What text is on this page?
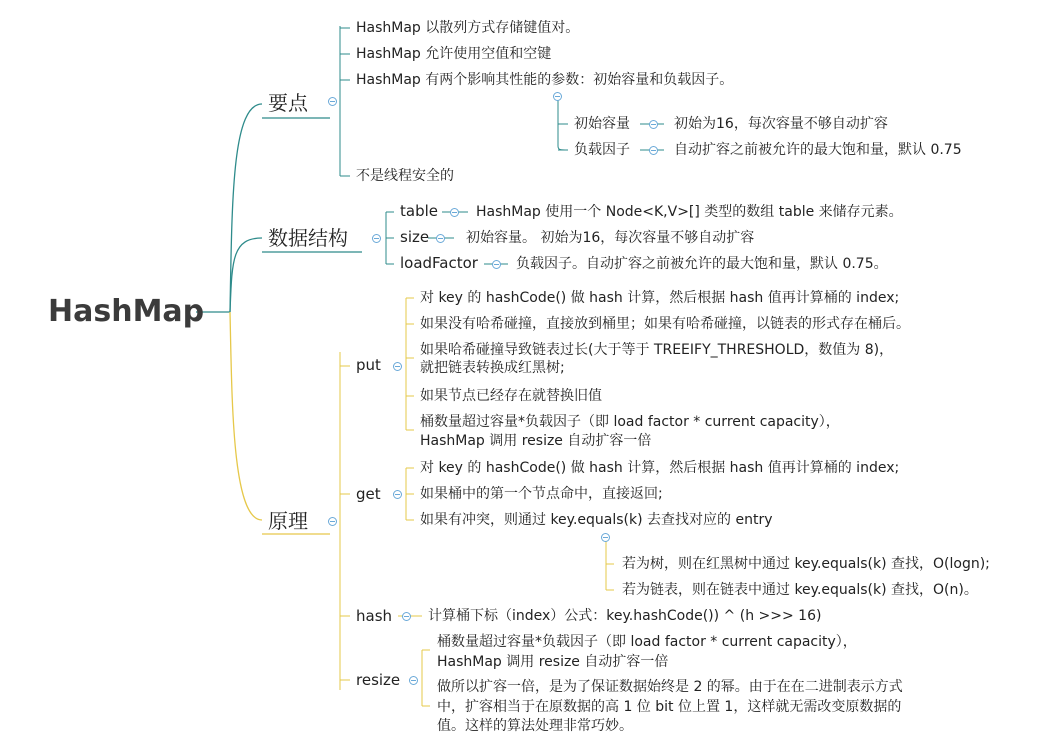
HashMap
要点
HashMap 以散列方式存储键值对。
HashMap 允许使用空值和空键
HashMap 有两个影响其性能的参数：初始容量和负载因子。
不是线程安全的
初始容量	初始为16，每次容量不够自动扩容
负载因子	自动扩容之前被允许的最大饱和量，默认 0.75
数据结构
table	HashMap 使用一个 Node<K,V>[] 类型的数组 table 来储存元素。
size	初始容量。 初始为16，每次容量不够自动扩容
loadFactor	负载因子。自动扩容之前被允许的最大饱和量，默认 0.75。
原理
put
对 key 的 hashCode() 做 hash 计算，然后根据 hash 值再计算桶的 index;
如果没有哈希碰撞，直接放到桶里；如果有哈希碰撞，以链表的形式存在桶后。
如果哈希碰撞导致链表过长(大于等于 TREEIFY_THRESHOLD，数值为 8)，
就把链表转换成红黑树;
如果节点已经存在就替换旧值
桶数量超过容量*负载因子（即 load factor * current capacity），
HashMap 调用 resize 自动扩容一倍
get
对 key 的 hashCode() 做 hash 计算，然后根据 hash 值再计算桶的 index;
如果桶中的第一个节点命中，直接返回;
如果有冲突，则通过 key.equals(k) 去查找对应的 entry
若为树，则在红黑树中通过 key.equals(k) 查找，O(logn);
若为链表，则在链表中通过 key.equals(k) 查找，O(n)。
hash	计算桶下标（index）公式：key.hashCode()) ^ (h >>> 16)
resize
桶数量超过容量*负载因子（即 load factor * current capacity），
HashMap 调用 resize 自动扩容一倍
做所以扩容一倍，是为了保证数据始终是 2 的幂。由于在在二进制表示方式
中，扩容相当于在原数据的高 1 位 bit 位上置 1，这样就无需改变原数据的
值。这样的算法处理非常巧妙。
